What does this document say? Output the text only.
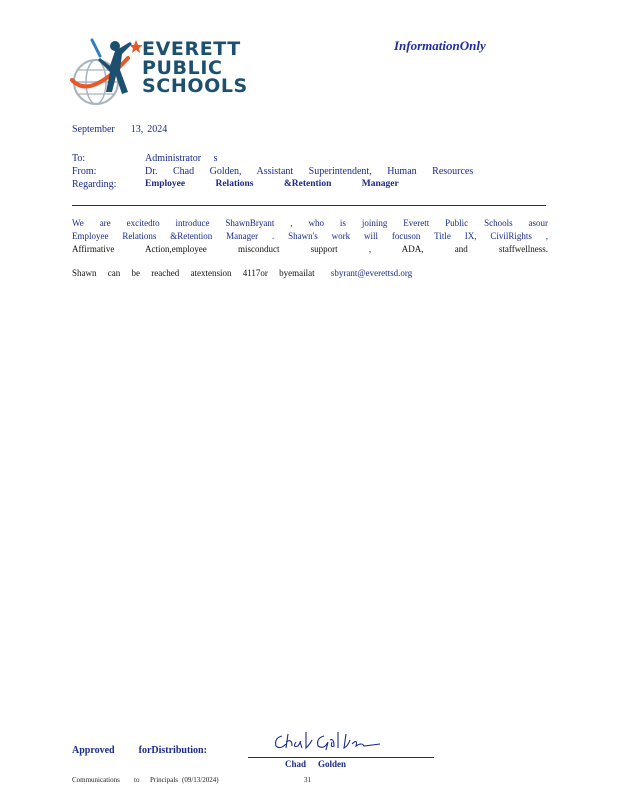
EVERETT
PUBLIC
SCHOOLS
InformationOnly
September 13, 2024
To:	Administrator s
From:	Dr. Chad Golden, Assistant Superintendent, Human Resources
Regarding:	Employee Relations &Retention Manager
We are excitedto introduce ShawnBryant , who is joining Everett Public Schools asour
Employee Relations &Retention Manager . Shawn's work will focuson Title IX, CivilRights ,
Affirmative Action,employee misconduct support , ADA, and staffwellness.
Shawn can be reached atextension 4117or byemailat sbyrant@everettsd.org
Approved forDistribution:
Chad Golden
Communications to Principals (09/13/2024)	31
